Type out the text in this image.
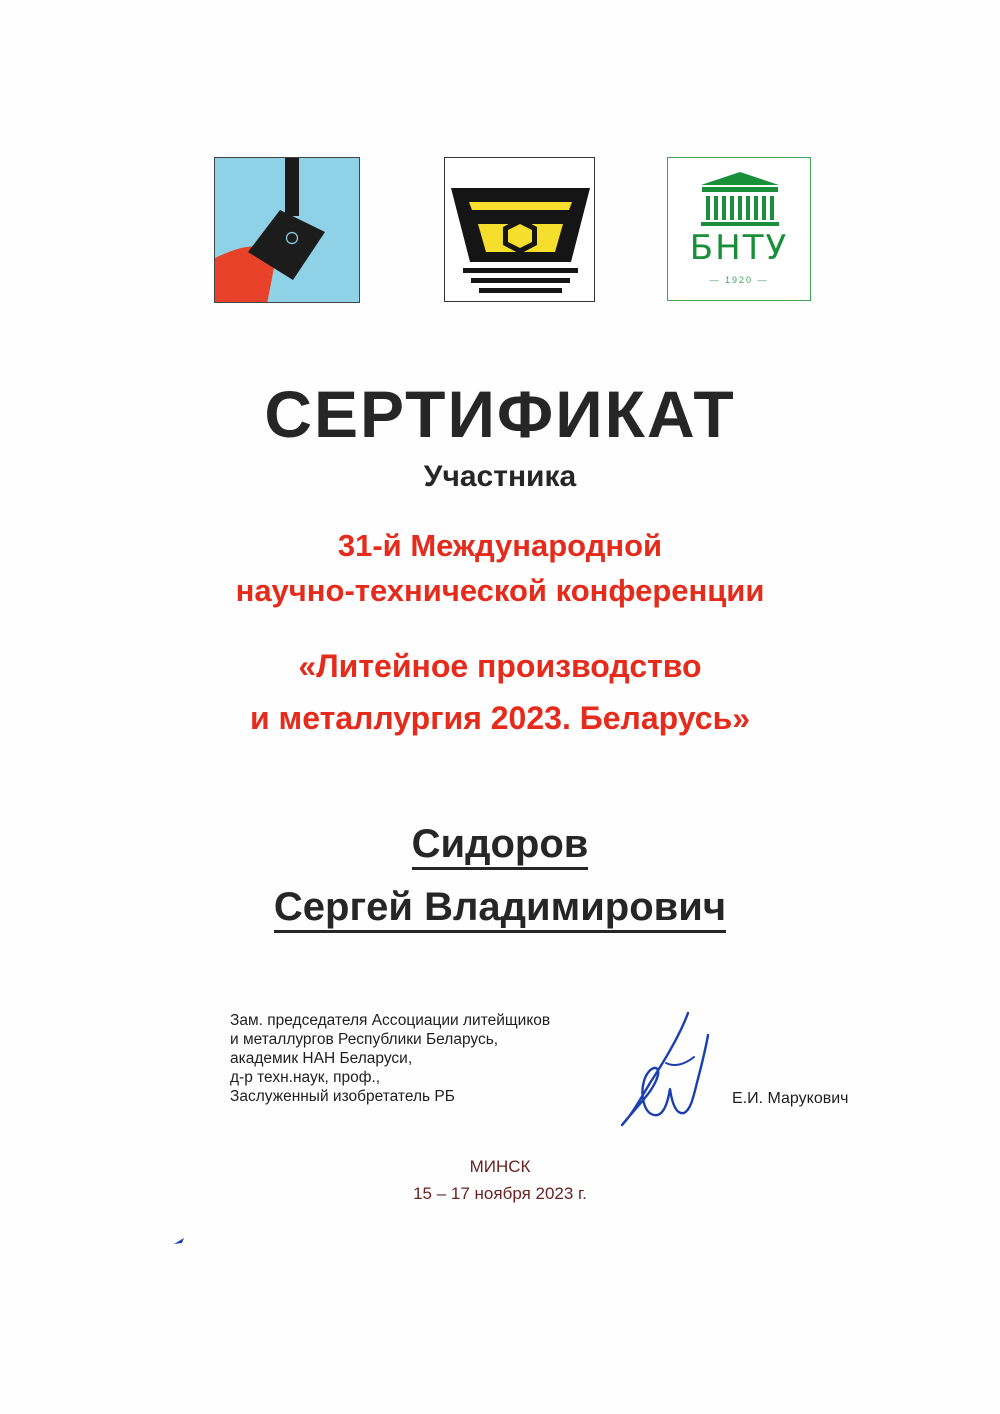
БНТУ
— 1920 —
СЕРТИФИКАТ
Участника
31-й Международной
научно-технической конференции
«Литейное производство
и металлургия 2023. Беларусь»
Сидоров
Сергей Владимирович
Зам. председателя Ассоциации литейщиков
и металлургов Республики Беларусь,
академик НАН Беларуси,
д-р техн.наук, проф.,
Заслуженный изобретатель РБ	Е.И. Марукович
МИНСК
15 – 17 ноября 2023 г.
